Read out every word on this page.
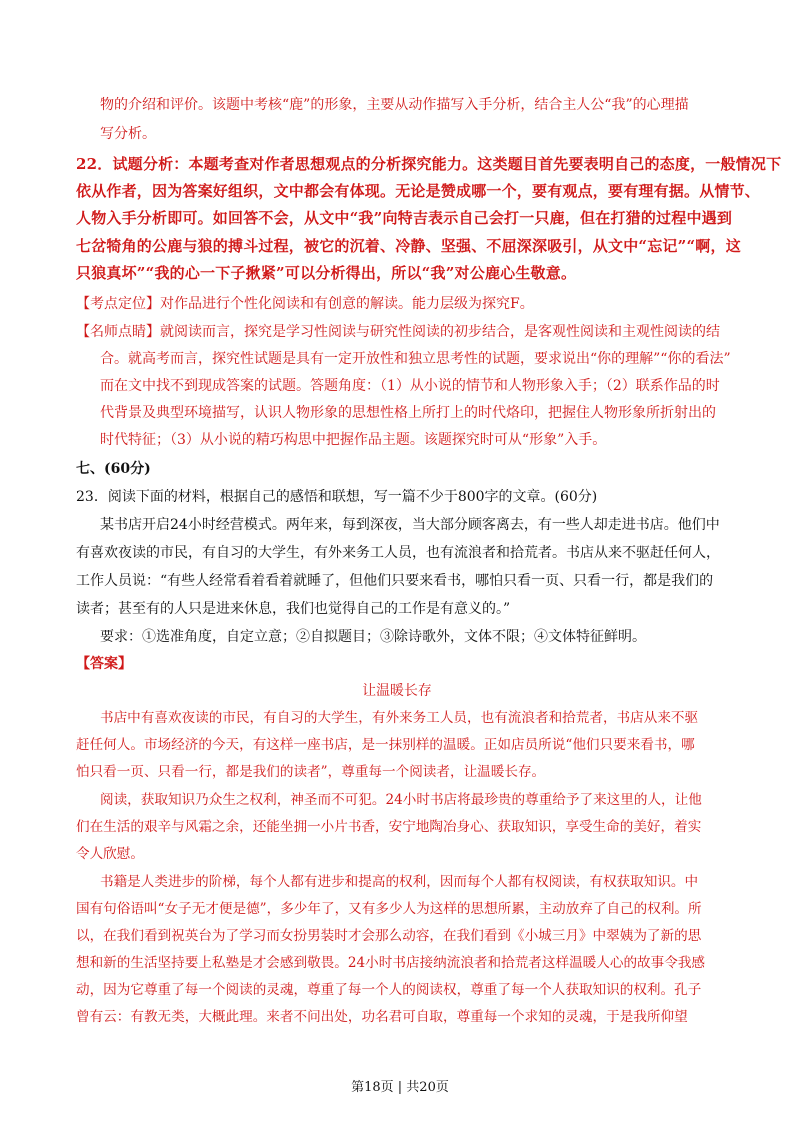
物的介绍和评价。该题中考核“鹿”的形象，主要从动作描写入手分析，结合主人公“我”的心理描
写分析。
22．试题分析：本题考查对作者思想观点的分析探究能力。这类题目首先要表明自己的态度，一般情况下
依从作者，因为答案好组织，文中都会有体现。无论是赞成哪一个，要有观点，要有理有据。从情节、
人物入手分析即可。如回答不会，从文中“我”向特吉表示自己会打一只鹿，但在打猎的过程中遇到
七岔犄角的公鹿与狼的搏斗过程，被它的沉着、冷静、坚强、不屈深深吸引，从文中“忘记”“啊，这
只狼真坏”“我的心一下子揪紧”可以分析得出，所以“我”对公鹿心生敬意。
【考点定位】对作品进行个性化阅读和有创意的解读。能力层级为探究F。
【名师点睛】就阅读而言，探究是学习性阅读与研究性阅读的初步结合，是客观性阅读和主观性阅读的结
合。就高考而言，探究性试题是具有一定开放性和独立思考性的试题，要求说出“你的理解”“你的看法”
而在文中找不到现成答案的试题。答题角度：（1）从小说的情节和人物形象入手；（2）联系作品的时
代背景及典型环境描写，认识人物形象的思想性格上所打上的时代烙印，把握住人物形象所折射出的
时代特征；（3）从小说的精巧构思中把握作品主题。该题探究时可从“形象”入手。
七、(60分)
23．阅读下面的材料，根据自己的感悟和联想，写一篇不少于800字的文章。(60分)
某书店开启24小时经营模式。两年来，每到深夜，当大部分顾客离去，有一些人却走进书店。他们中
有喜欢夜读的市民，有自习的大学生，有外来务工人员，也有流浪者和拾荒者。书店从来不驱赶任何人，
工作人员说：“有些人经常看着看着就睡了，但他们只要来看书，哪怕只看一页、只看一行，都是我们的
读者；甚至有的人只是进来休息，我们也觉得自己的工作是有意义的。”
要求：①选准角度，自定立意；②自拟题目；③除诗歌外，文体不限；④文体特征鲜明。
【答案】
让温暖长存
书店中有喜欢夜读的市民，有自习的大学生，有外来务工人员，也有流浪者和拾荒者，书店从来不驱
赶任何人。市场经济的今天，有这样一座书店，是一抹别样的温暖。正如店员所说“他们只要来看书，哪
怕只看一页、只看一行，都是我们的读者”，尊重每一个阅读者，让温暖长存。
阅读，获取知识乃众生之权利，神圣而不可犯。24小时书店将最珍贵的尊重给予了来这里的人，让他
们在生活的艰辛与风霜之余，还能坐拥一小片书香，安宁地陶冶身心、获取知识，享受生命的美好，着实
令人欣慰。
书籍是人类进步的阶梯，每个人都有进步和提高的权利，因而每个人都有权阅读，有权获取知识。中
国有句俗语叫“女子无才便是德”，多少年了，又有多少人为这样的思想所累，主动放弃了自己的权利。所
以，在我们看到祝英台为了学习而女扮男装时才会那么动容，在我们看到《小城三月》中翠姨为了新的思
想和新的生活坚持要上私塾是才会感到敬畏。24小时书店接纳流浪者和拾荒者这样温暖人心的故事令我感
动，因为它尊重了每一个阅读的灵魂，尊重了每一个人的阅读权，尊重了每一个人获取知识的权利。孔子
曾有云：有教无类，大概此理。来者不问出处，功名君可自取，尊重每一个求知的灵魂，于是我所仰望
第18页 | 共20页
